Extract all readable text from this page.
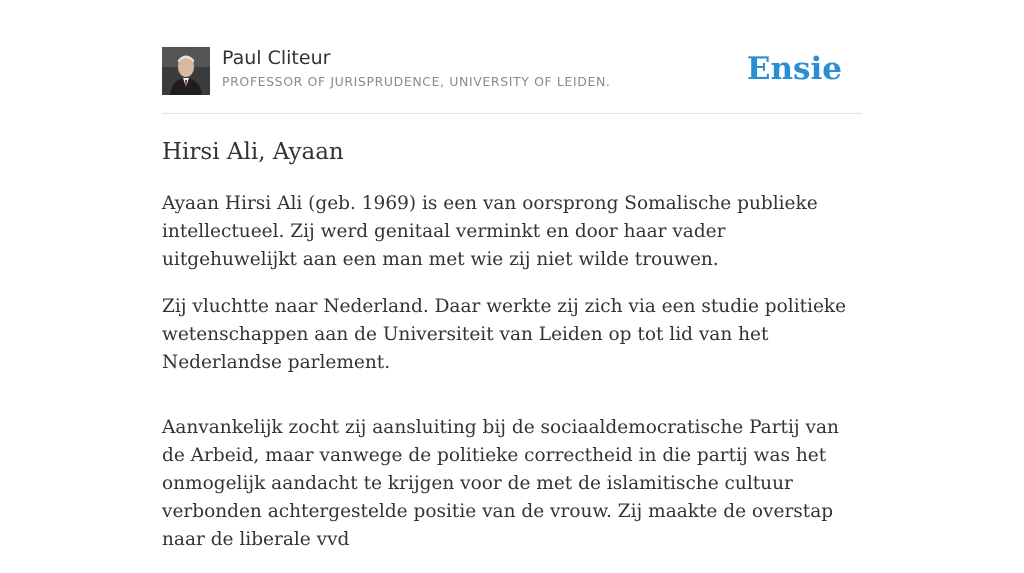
Paul Cliteur
PROFESSOR OF JURISPRUDENCE, UNIVERSITY OF LEIDEN.	Ensie
Hirsi Ali, Ayaan

Ayaan Hirsi Ali (geb. 1969) is een van oorsprong Somalische publieke intellectueel. Zij werd genitaal verminkt en door haar vader uitgehuwelijkt aan een man met wie zij niet wilde trouwen.

Zij vluchtte naar Nederland. Daar werkte zij zich via een studie politieke wetenschappen aan de Universiteit van Leiden op tot lid van het Nederlandse parlement.

Aanvankelijk zocht zij aansluiting bij de sociaaldemocratische Partij van de Arbeid, maar vanwege de politieke correctheid in die partij was het onmogelijk aandacht te krijgen voor de met de islamitische cultuur verbonden achtergestelde positie van de vrouw. Zij maakte de overstap naar de liberale vvd
